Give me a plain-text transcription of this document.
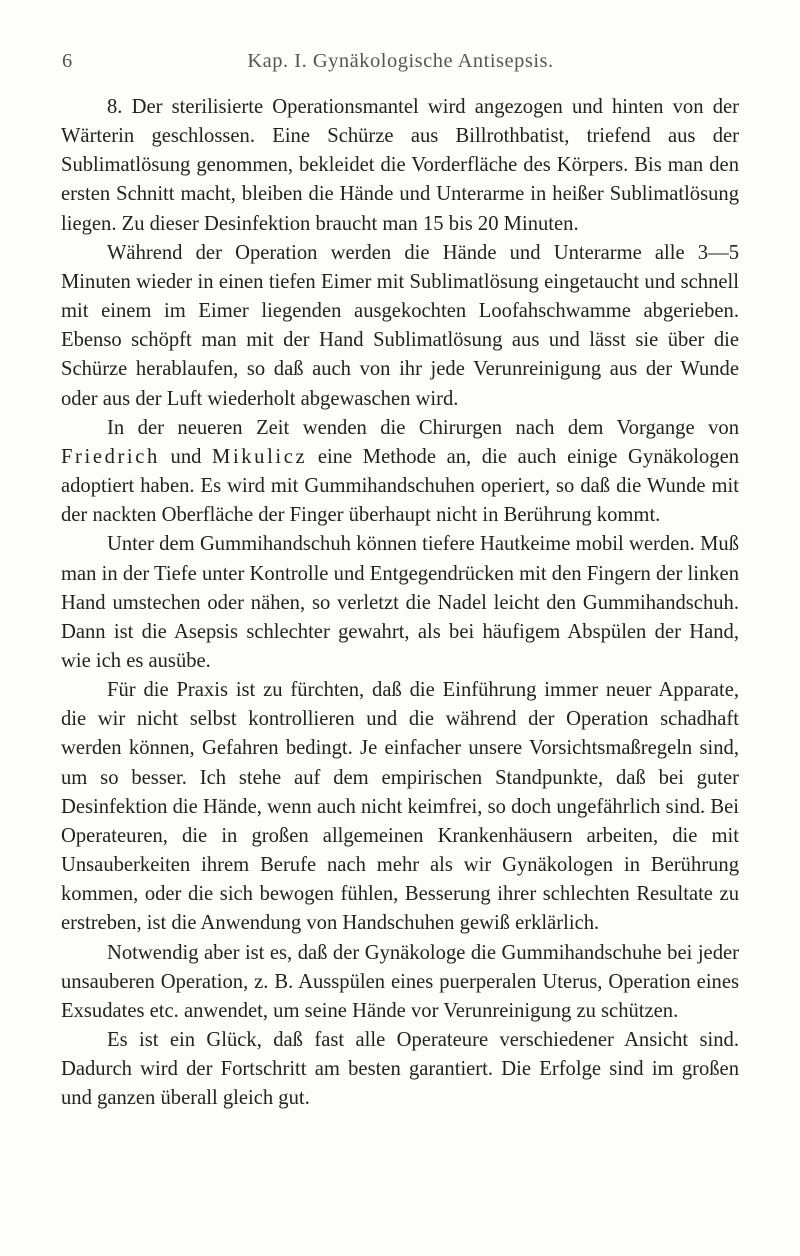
6	Kap. I. Gynäkologische Antisepsis.

8. Der sterilisierte Operationsmantel wird angezogen und hinten von der Wärterin geschlossen. Eine Schürze aus Billrothbatist, triefend aus der Sublimatlösung genommen, bekleidet die Vorderfläche des Körpers. Bis man den ersten Schnitt macht, bleiben die Hände und Unterarme in heißer Sublimatlösung liegen. Zu dieser Desinfektion braucht man 15 bis 20 Minuten.

Während der Operation werden die Hände und Unterarme alle 3—5 Minuten wieder in einen tiefen Eimer mit Sublimatlösung eingetaucht und schnell mit einem im Eimer liegenden ausgekochten Loofahschwamme abgerieben. Ebenso schöpft man mit der Hand Sublimatlösung aus und lässt sie über die Schürze herablaufen, so daß auch von ihr jede Verunreinigung aus der Wunde oder aus der Luft wiederholt abgewaschen wird.

In der neueren Zeit wenden die Chirurgen nach dem Vorgange von Friedrich und Mikulicz eine Methode an, die auch einige Gynäkologen adoptiert haben. Es wird mit Gummihandschuhen operiert, so daß die Wunde mit der nackten Oberfläche der Finger überhaupt nicht in Berührung kommt.

Unter dem Gummihandschuh können tiefere Hautkeime mobil werden. Muß man in der Tiefe unter Kontrolle und Entgegendrücken mit den Fingern der linken Hand umstechen oder nähen, so verletzt die Nadel leicht den Gummihandschuh. Dann ist die Asepsis schlechter gewahrt, als bei häufigem Abspülen der Hand, wie ich es ausübe.

Für die Praxis ist zu fürchten, daß die Einführung immer neuer Apparate, die wir nicht selbst kontrollieren und die während der Operation schadhaft werden können, Gefahren bedingt. Je einfacher unsere Vorsichtsmaßregeln sind, um so besser. Ich stehe auf dem empirischen Standpunkte, daß bei guter Desinfektion die Hände, wenn auch nicht keimfrei, so doch ungefährlich sind. Bei Operateuren, die in großen allgemeinen Krankenhäusern arbeiten, die mit Unsauberkeiten ihrem Berufe nach mehr als wir Gynäkologen in Berührung kommen, oder die sich bewogen fühlen, Besserung ihrer schlechten Resultate zu erstreben, ist die Anwendung von Handschuhen gewiß erklärlich.

Notwendig aber ist es, daß der Gynäkologe die Gummihandschuhe bei jeder unsauberen Operation, z. B. Ausspülen eines puerperalen Uterus, Operation eines Exsudates etc. anwendet, um seine Hände vor Verunreinigung zu schützen.

Es ist ein Glück, daß fast alle Operateure verschiedener Ansicht sind. Dadurch wird der Fortschritt am besten garantiert. Die Erfolge sind im großen und ganzen überall gleich gut.
